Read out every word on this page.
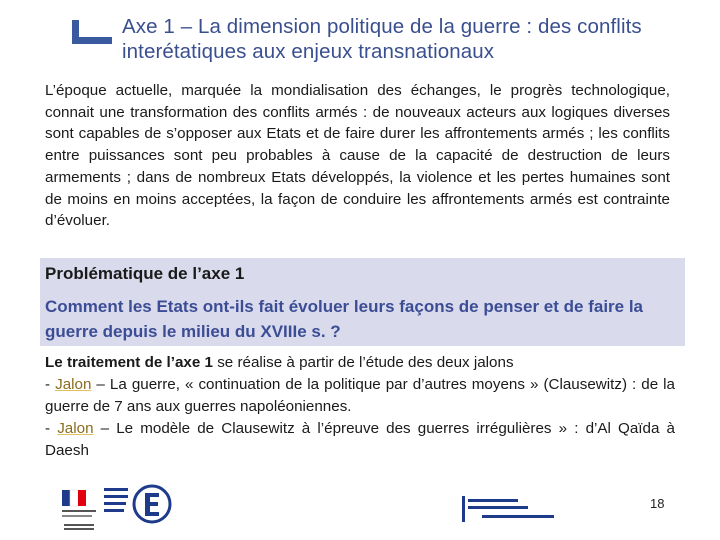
Axe 1 – La dimension politique de la guerre : des conflits interétatiques aux enjeux transnationaux
L’époque actuelle, marquée la mondialisation des échanges, le progrès technologique, connait une transformation des conflits armés : de nouveaux acteurs aux logiques diverses sont capables de s’opposer aux Etats et de faire durer les affrontements armés ; les conflits entre puissances sont peu probables à cause de la capacité de destruction de leurs armements ; dans de nombreux Etats développés, la violence et les pertes humaines sont de moins en moins acceptées, la façon de conduire les affrontements armés est contrainte d’évoluer.
Problématique de l’axe 1
Comment les Etats ont-ils fait évoluer leurs façons de penser et de faire la guerre depuis le milieu du XVIIIe s. ?

Le traitement de l’axe 1 se réalise à partir de l’étude des deux jalons

- Jalon – La guerre, « continuation de la politique par d’autres moyens » (Clausewitz) : de la guerre de 7 ans aux guerres napoléoniennes.

- Jalon – Le modèle de Clausewitz à l’épreuve des guerres irrégulières » : d’Al Qaïda à Daesh

18
